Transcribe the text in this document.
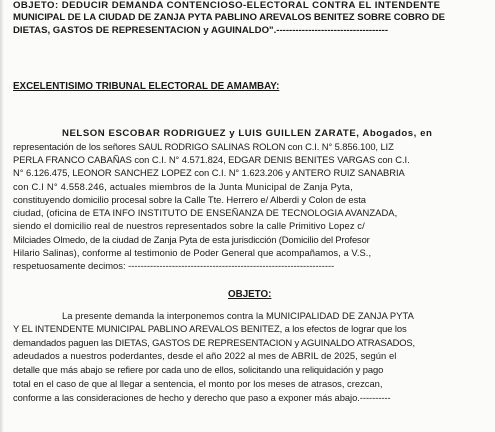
OBJETO: DEDUCIR DEMANDA CONTENCIOSO-ELECTORAL CONTRA EL INTENDENTE
MUNICIPAL DE LA CIUDAD DE ZANJA PYTA PABLINO AREVALOS BENITEZ SOBRE COBRO DE
DIETAS, GASTOS DE REPRESENTACION y AGUINALDO".-----------------------------------
EXCELENTISIMO TRIBUNAL ELECTORAL DE AMAMBAY:
NELSON ESCOBAR RODRIGUEZ y LUIS GUILLEN ZARATE, Abogados, en
representación de los señores SAUL RODRIGO SALINAS ROLON con C.I. N° 5.856.100, LIZ
PERLA FRANCO CABAÑAS con C.I. N° 4.571.824, EDGAR DENIS BENITES VARGAS con C.I.
N° 6.126.475, LEONOR SANCHEZ LOPEZ con C.I. N° 1.623.206 y ANTERO RUIZ SANABRIA
con C.I N° 4.558.246, actuales miembros de la Junta Municipal de Zanja Pyta,
constituyendo domicilio procesal sobre la Calle Tte. Herrero e/ Alberdi y Colon de esta
ciudad, (oficina de ETA INFO INSTITUTO DE ENSEÑANZA DE TECNOLOGIA AVANZADA,
siendo el domicilio real de nuestros representados sobre la calle Primitivo Lopez c/
Milciades Olmedo, de la ciudad de Zanja Pyta de esta jurisdicción (Domicilio del Profesor
Hilario Salinas), conforme al testimonio de Poder General que acompañamos, a V.S.,
respetuosamente decimos: ------------------------------------------------------------------
OBJETO:
La presente demanda la interponemos contra la MUNICIPALIDAD DE ZANJA PYTA
Y EL INTENDENTE MUNICIPAL PABLINO AREVALOS BENITEZ, a los efectos de lograr que los
demandados paguen las DIETAS, GASTOS DE REPRESENTACION y AGUINALDO ATRASADOS,
adeudados a nuestros poderdantes, desde el año 2022 al mes de ABRIL de 2025, según el
detalle que más abajo se refiere por cada uno de ellos, solicitando una reliquidación y pago
total en el caso de que al llegar a sentencia, el monto por los meses de atrasos, crezcan,
conforme a las consideraciones de hecho y derecho que paso a exponer más abajo.----------
